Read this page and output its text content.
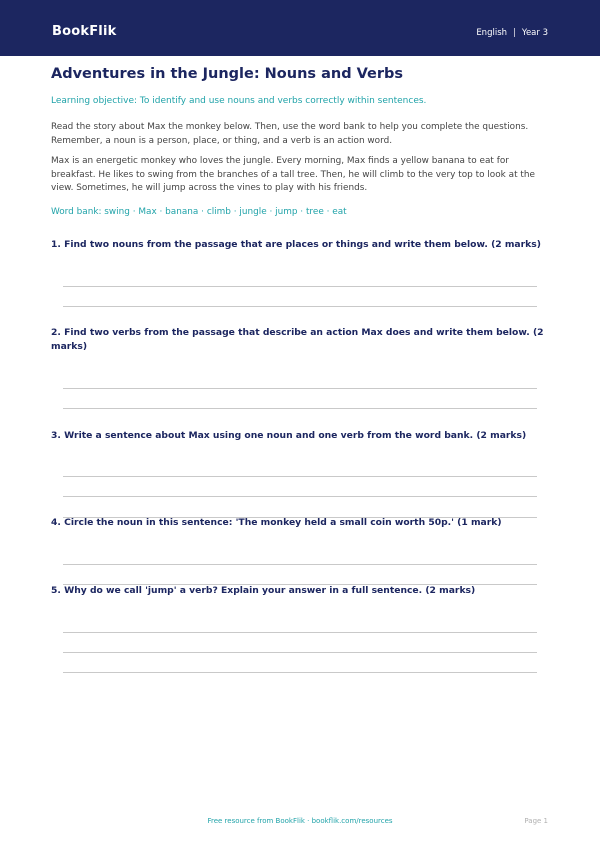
BookFlik	English | Year 3
Adventures in the Jungle: Nouns and Verbs
Learning objective: To identify and use nouns and verbs correctly within sentences.
Read the story about Max the monkey below. Then, use the word bank to help you complete the questions. Remember, a noun is a person, place, or thing, and a verb is an action word.
Max is an energetic monkey who loves the jungle. Every morning, Max finds a yellow banana to eat for breakfast. He likes to swing from the branches of a tall tree. Then, he will climb to the very top to look at the view. Sometimes, he will jump across the vines to play with his friends.
Word bank: swing · Max · banana · climb · jungle · jump · tree · eat
1. Find two nouns from the passage that are places or things and write them below. (2 marks)
2. Find two verbs from the passage that describe an action Max does and write them below. (2 marks)
3. Write a sentence about Max using one noun and one verb from the word bank. (2 marks)
4. Circle the noun in this sentence: 'The monkey held a small coin worth 50p.' (1 mark)
5. Why do we call 'jump' a verb? Explain your answer in a full sentence. (2 marks)
Free resource from BookFlik · bookflik.com/resources	Page 1
